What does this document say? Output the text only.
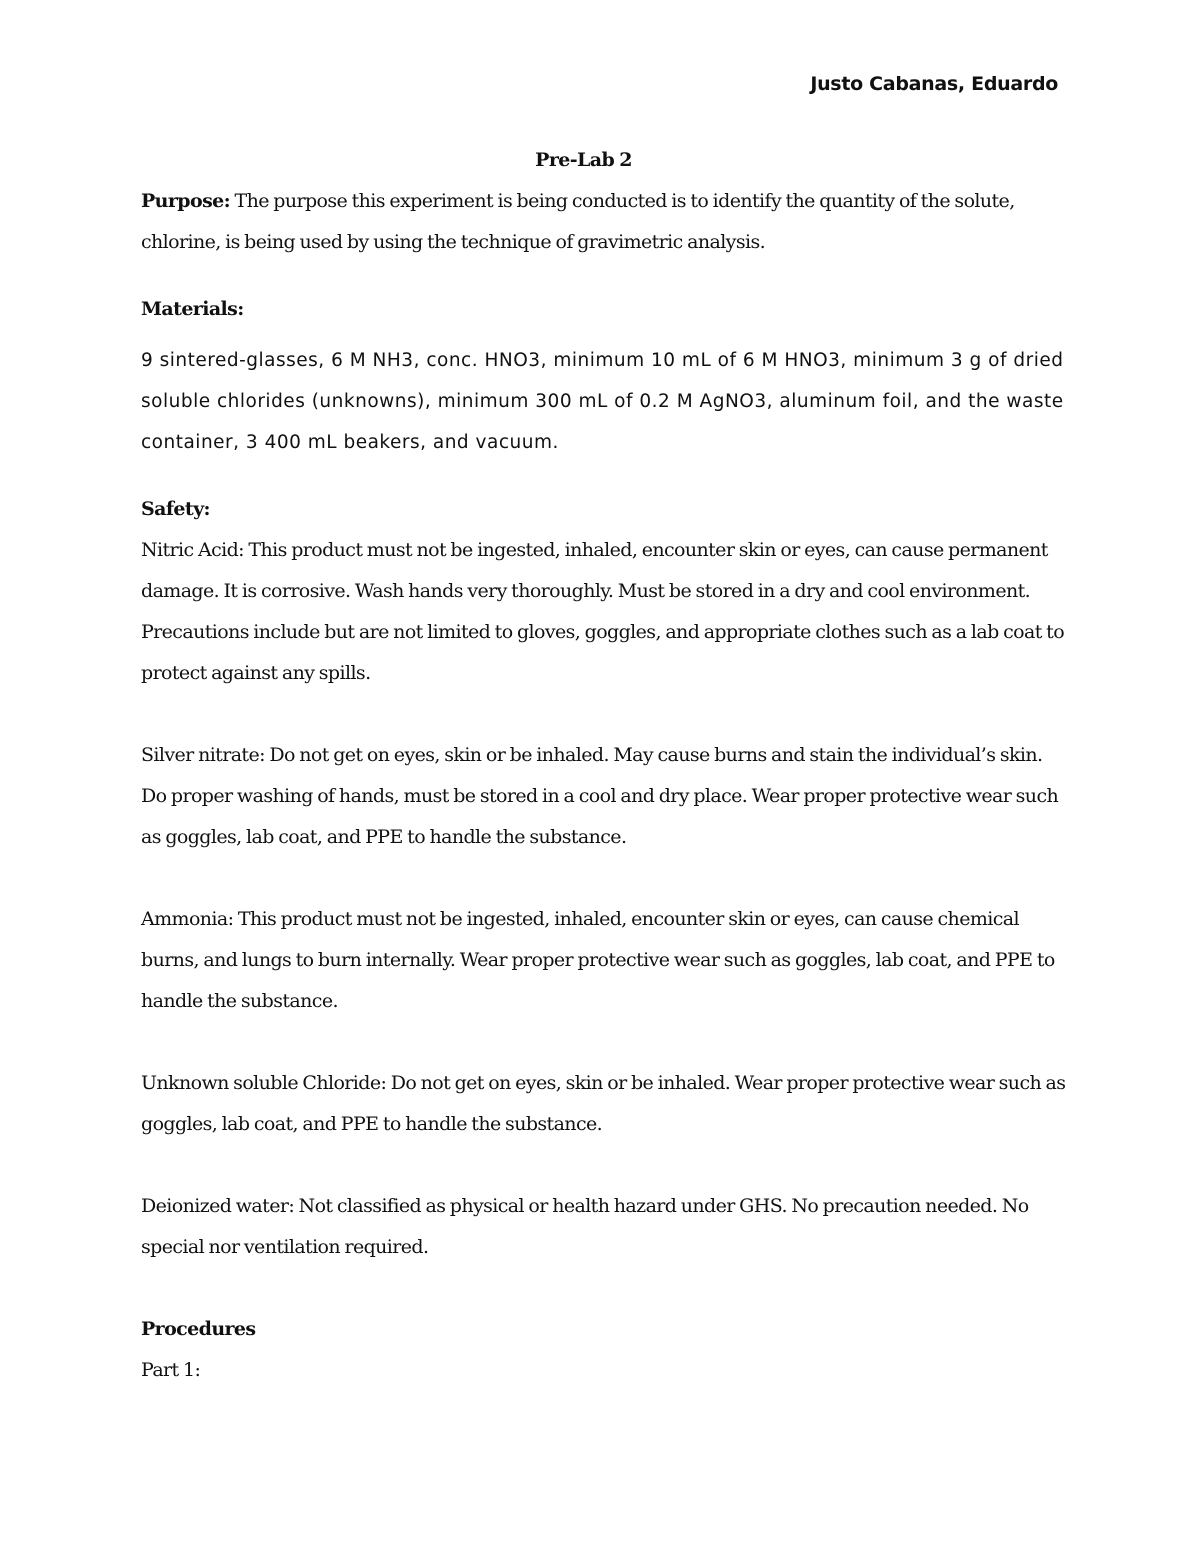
Justo Cabanas, Eduardo

Pre-Lab 2

Purpose: The purpose this experiment is being conducted is to identify the quantity of the solute, chlorine, is being used by using the technique of gravimetric analysis.

Materials:

9 sintered-glasses, 6 M NH3, conc. HNO3, minimum 10 mL of 6 M HNO3, minimum 3 g of dried soluble chlorides (unknowns), minimum 300 mL of 0.2 M AgNO3, aluminum foil, and the waste container, 3 400 mL beakers, and vacuum.

Safety:

Nitric Acid: This product must not be ingested, inhaled, encounter skin or eyes, can cause permanent damage. It is corrosive. Wash hands very thoroughly. Must be stored in a dry and cool environment. Precautions include but are not limited to gloves, goggles, and appropriate clothes such as a lab coat to protect against any spills.

Silver nitrate: Do not get on eyes, skin or be inhaled. May cause burns and stain the individual’s skin. Do proper washing of hands, must be stored in a cool and dry place. Wear proper protective wear such as goggles, lab coat, and PPE to handle the substance.

Ammonia: This product must not be ingested, inhaled, encounter skin or eyes, can cause chemical burns, and lungs to burn internally. Wear proper protective wear such as goggles, lab coat, and PPE to handle the substance.

Unknown soluble Chloride: Do not get on eyes, skin or be inhaled. Wear proper protective wear such as goggles, lab coat, and PPE to handle the substance.

Deionized water: Not classified as physical or health hazard under GHS. No precaution needed. No special nor ventilation required.

Procedures

Part 1:
